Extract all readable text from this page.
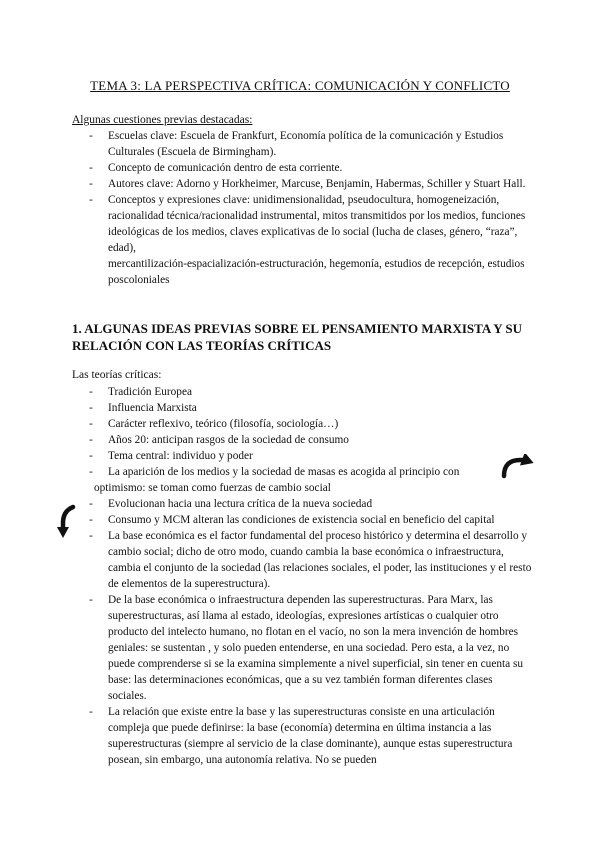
TEMA 3: LA PERSPECTIVA CRÍTICA: COMUNICACIÓN Y CONFLICTO
Algunas cuestiones previas destacadas:
- Escuelas clave: Escuela de Frankfurt, Economía política de la comunicación y Estudios Culturales (Escuela de Birmingham).
- Concepto de comunicación dentro de esta corriente.
- Autores clave: Adorno y Horkheimer, Marcuse, Benjamin, Habermas, Schiller y Stuart Hall.
- Conceptos y expresiones clave: unidimensionalidad, pseudocultura, homogeneización, racionalidad técnica/racionalidad instrumental, mitos transmitidos por los medios, funciones ideológicas de los medios, claves explicativas de lo social (lucha de clases, género, “raza”, edad),
mercantilización-espacialización-estructuración, hegemonía, estudios de recepción, estudios poscoloniales
1. ALGUNAS IDEAS PREVIAS SOBRE EL PENSAMIENTO MARXISTA Y SU RELACIÓN CON LAS TEORÍAS CRÍTICAS
Las teorías críticas:
- Tradición Europea
- Influencia Marxista
- Carácter reflexivo, teórico (filosofía, sociología…)
- Años 20: anticipan rasgos de la sociedad de consumo
- Tema central: individuo y poder
- La aparición de los medios y la sociedad de masas es acogida al principio con
optimismo: se toman como fuerzas de cambio social
- Evolucionan hacia una lectura crítica de la nueva sociedad
- Consumo y MCM alteran las condiciones de existencia social en beneficio del capital
- La base económica es el factor fundamental del proceso histórico y determina el desarrollo y cambio social; dicho de otro modo, cuando cambia la base económica o infraestructura, cambia el conjunto de la sociedad (las relaciones sociales, el poder, las instituciones y el resto de elementos de la superestructura).
- De la base económica o infraestructura dependen las superestructuras. Para Marx, las superestructuras, así llama al estado, ideologías, expresiones artísticas o cualquier otro producto del intelecto humano, no flotan en el vacío, no son la mera invención de hombres geniales: se sustentan , y solo pueden entenderse, en una sociedad. Pero esta, a la vez, no puede comprenderse si se la examina simplemente a nivel superficial, sin tener en cuenta su base: las determinaciones económicas, que a su vez también forman diferentes clases sociales.
- La relación que existe entre la base y las superestructuras consiste en una articulación compleja que puede definirse: la base (economía) determina en última instancia a las superestructuras (siempre al servicio de la clase dominante), aunque estas superestructura posean, sin embargo, una autonomía relativa. No se pueden
